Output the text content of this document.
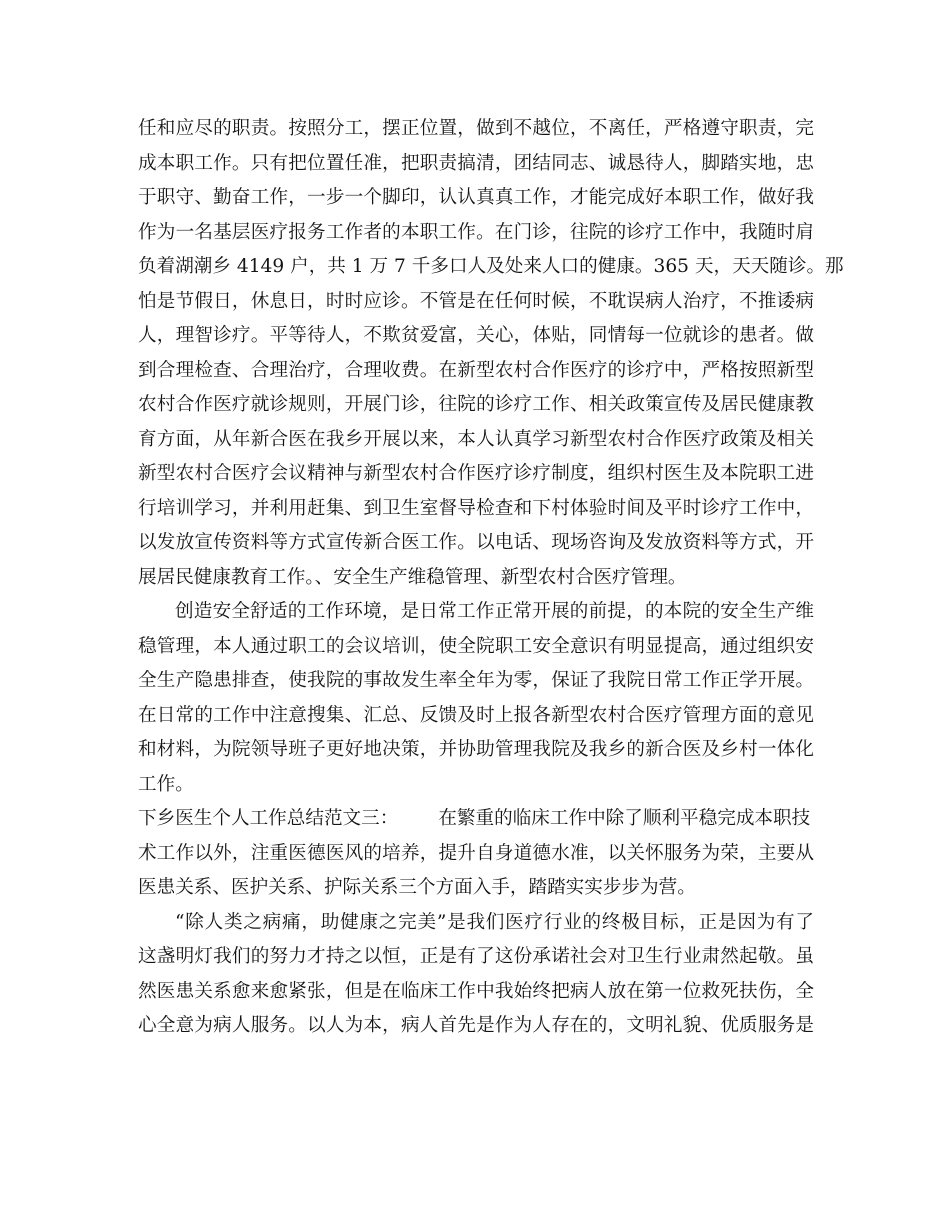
任和应尽的职责。按照分工，摆正位置，做到不越位，不离任，严格遵守职责，完
成本职工作。只有把位置任准，把职责搞清，团结同志、诚恳待人，脚踏实地，忠
于职守、勤奋工作，一步一个脚印，认认真真工作，才能完成好本职工作，做好我
作为一名基层医疗报务工作者的本职工作。在门诊，往院的诊疗工作中，我随时肩
负着湖潮乡 4149 户，共 1 万 7 千多口人及处来人口的健康。365 天，天天随诊。那
怕是节假日，休息日，时时应诊。不管是在任何时候，不耽误病人治疗，不推诿病
人，理智诊疗。平等待人，不欺贫爱富，关心，体贴，同情每一位就诊的患者。做
到合理检查、合理治疗，合理收费。在新型农村合作医疗的诊疗中，严格按照新型
农村合作医疗就诊规则，开展门诊，往院的诊疗工作、相关政策宣传及居民健康教
育方面，从年新合医在我乡开展以来，本人认真学习新型农村合作医疗政策及相关
新型农村合医疗会议精神与新型农村合作医疗诊疗制度，组织村医生及本院职工进
行培训学习，并利用赶集、到卫生室督导检查和下村体验时间及平时诊疗工作中，
以发放宣传资料等方式宣传新合医工作。以电话、现场咨询及发放资料等方式，开
展居民健康教育工作。、安全生产维稳管理、新型农村合医疗管理。
创造安全舒适的工作环境，是日常工作正常开展的前提，的本院的安全生产维
稳管理，本人通过职工的会议培训，使全院职工安全意识有明显提高，通过组织安
全生产隐患排查，使我院的事故发生率全年为零，保证了我院日常工作正学开展。
在日常的工作中注意搜集、汇总、反馈及时上报各新型农村合医疗管理方面的意见
和材料，为院领导班子更好地决策，并协助管理我院及我乡的新合医及乡村一体化
工作。
下乡医生个人工作总结范文三： 在繁重的临床工作中除了顺利平稳完成本职技
术工作以外，注重医德医风的培养，提升自身道德水准，以关怀服务为荣，主要从
医患关系、医护关系、护际关系三个方面入手，踏踏实实步步为营。
“除人类之病痛，助健康之完美”是我们医疗行业的终极目标，正是因为有了
这盏明灯我们的努力才持之以恒，正是有了这份承诺社会对卫生行业肃然起敬。虽
然医患关系愈来愈紧张，但是在临床工作中我始终把病人放在第一位救死扶伤，全
心全意为病人服务。以人为本，病人首先是作为人存在的，文明礼貌、优质服务是
